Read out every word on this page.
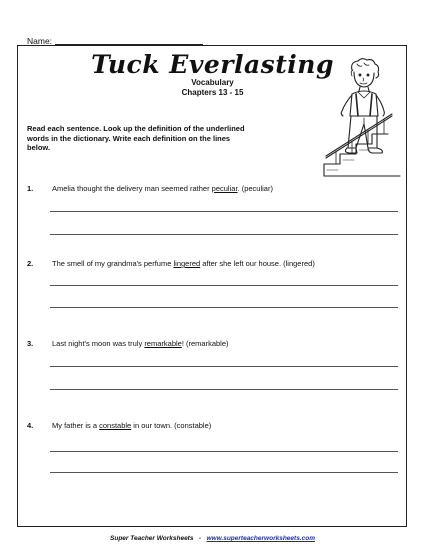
Name:
Tuck Everlasting
Vocabulary
Chapters 13 - 15
Read each sentence. Look up the definition of the underlined words in the dictionary. Write each definition on the lines below.
1. Amelia thought the delivery man seemed rather peculiar. (peculiar)
2. The smell of my grandma's perfume lingered after she left our house. (lingered)
3. Last night's moon was truly remarkable! (remarkable)
4. My father is a constable in our town. (constable)
Super Teacher Worksheets - www.superteacherworksheets.com
